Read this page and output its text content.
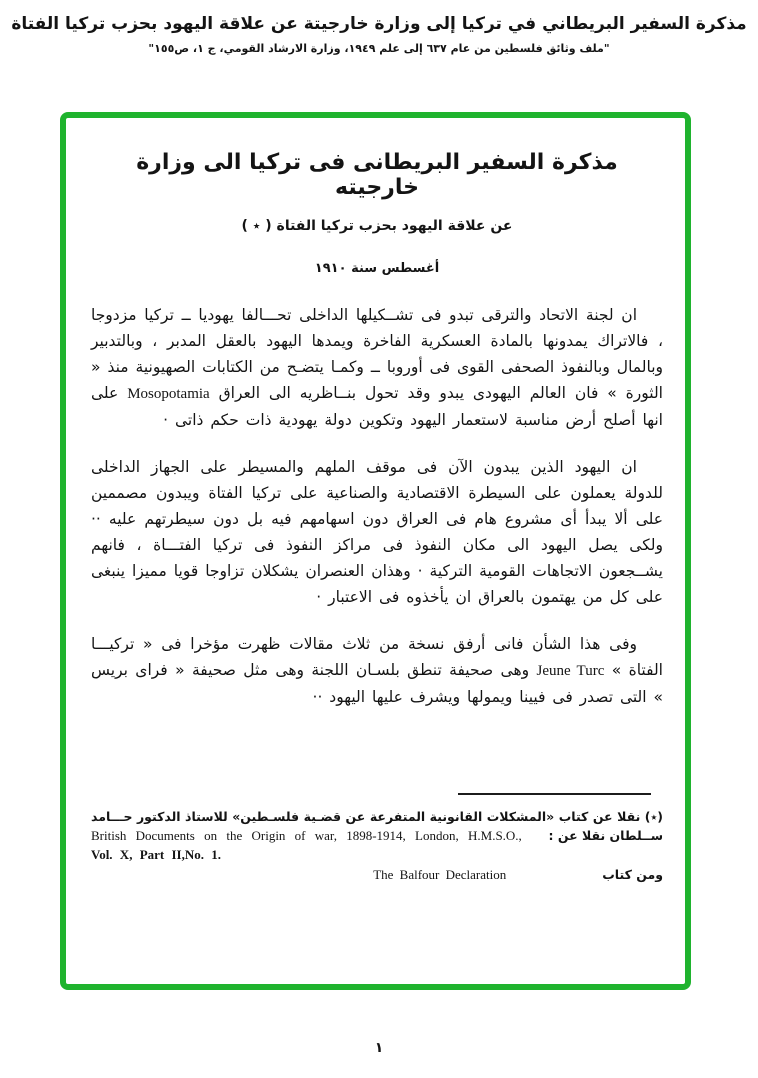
مذكرة السفير البريطاني في تركيا إلى وزارة خارجيتة عن علاقة اليهود بحزب تركيا الفتاة
"ملف وثائق فلسطين من عام ٦٣٧ إلى علم ١٩٤٩، وزارة الارشاد القومي، ج ١، ص١٥٥"
مذكرة السفير البريطانى فى تركيا الى وزارة خارجيته
عن علاقة اليهود بحزب تركيا الفتاة ( ٭ )
أغسطس سنة ١٩١٠

ان لجنة الاتحاد والترقى تبدو فى تشــكيلها الداخلى تحـــالفا يهوديا ــ تركيا مزدوجا ، فالاتراك يمدونها بالمادة العسكرية الفاخرة ويمدها اليهود بالعقل المدبر ، وبالتدبير وبالمال وبالنفوذ الصحفى القوى فى أوروبا ــ وكمـا يتضـح من الكتابات الصهيونية منذ « الثورة » فان العالم اليهودى يبدو وقد تحول بنــاظريه الى العراق Mosopotamia على انها أصلح أرض مناسبة لاستعمار اليهود وتكوين دولة يهودية ذات حكم ذاتى ·

ان اليهود الذين يبدون الآن فى موقف الملهم والمسيطر على الجهاز الداخلى للدولة يعملون على السيطرة الاقتصادية والصناعية على تركيا الفتاة ويبدون مصممين على ألا يبدأ أى مشروع هام فى العراق دون اسهامهم فيه بل دون سيطرتهم عليه ·· ولكى يصل اليهود الى مكان النفوذ فى مراكز النفوذ فى تركيا الفتـــاة ، فانهم يشــجعون الاتجاهات القومية التركية · وهذان العنصران يشكلان تزاوجا قويا مميزا ينبغى على كل من يهتمون بالعراق ان يأخذوه فى الاعتبار ·

وفى هذا الشأن فانى أرفق نسخة من ثلاث مقالات ظهرت مؤخرا فى « تركيـــا الفتاة » Jeune Turc وهى صحيفة تنطق بلسـان اللجنة وهى مثل صحيفة « فراى بريس » التى تصدر فى فيينا ويمولها ويشرف عليها اليهود ··

(٭) نقلا عن كتاب «المشكلات القانونية المتفرعة عن قضـية فلسـطين» للاستاذ الدكتور حـــامد
ســلطان نقلا عن :
British Documents on the Origin of war, 1898-1914, London, H.M.S.O.,
Vol. X, Part II,No. 1.
ومن كتاب
The Balfour Declaration
١
